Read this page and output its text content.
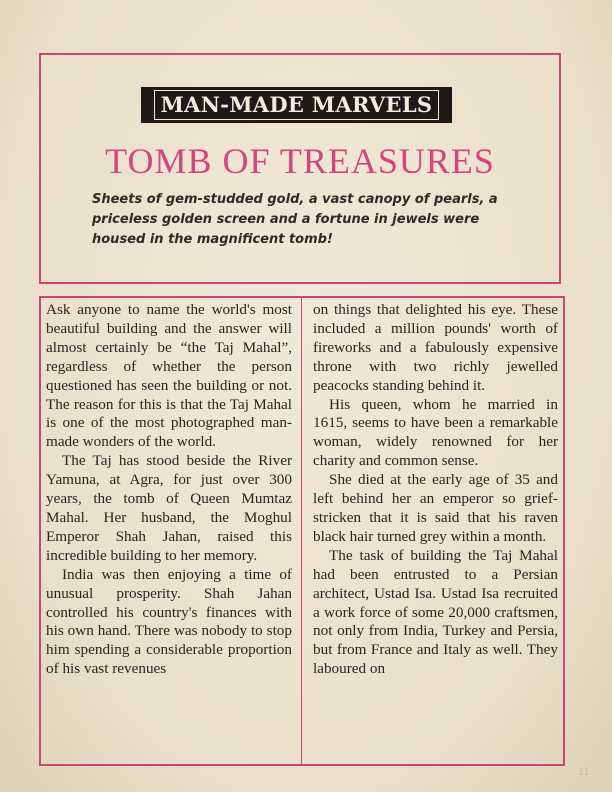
MAN-MADE MARVELS
TOMB OF TREASURES

Sheets of gem-studded gold, a vast canopy of pearls, a priceless golden screen and a fortune in jewels were housed in the magnificent tomb!

Ask anyone to name the world's most beautiful building and the answer will almost certainly be “the Taj Mahal”, regardless of whether the person questioned has seen the building or not. The reason for this is that the Taj Mahal is one of the most photographed man-made wonders of the world.

The Taj has stood beside the River Yamuna, at Agra, for just over 300 years, the tomb of Queen Mumtaz Mahal. Her husband, the Moghul Emperor Shah Jahan, raised this incredible building to her memory.

India was then enjoying a time of unusual prosperity. Shah Jahan controlled his country's finances with his own hand. There was nobody to stop him spending a considerable proportion of his vast revenues

on things that delighted his eye. These included a million pounds' worth of fireworks and a fabulously expensive throne with two richly jewelled peacocks standing behind it.

His queen, whom he married in 1615, seems to have been a remarkable woman, widely renowned for her charity and common sense.

She died at the early age of 35 and left behind her an emperor so grief-stricken that it is said that his raven black hair turned grey within a month.

The task of building the Taj Mahal had been entrusted to a Persian architect, Ustad Isa. Ustad Isa recruited a work force of some 20,000 craftsmen, not only from India, Turkey and Persia, but from France and Italy as well. They laboured on

11
